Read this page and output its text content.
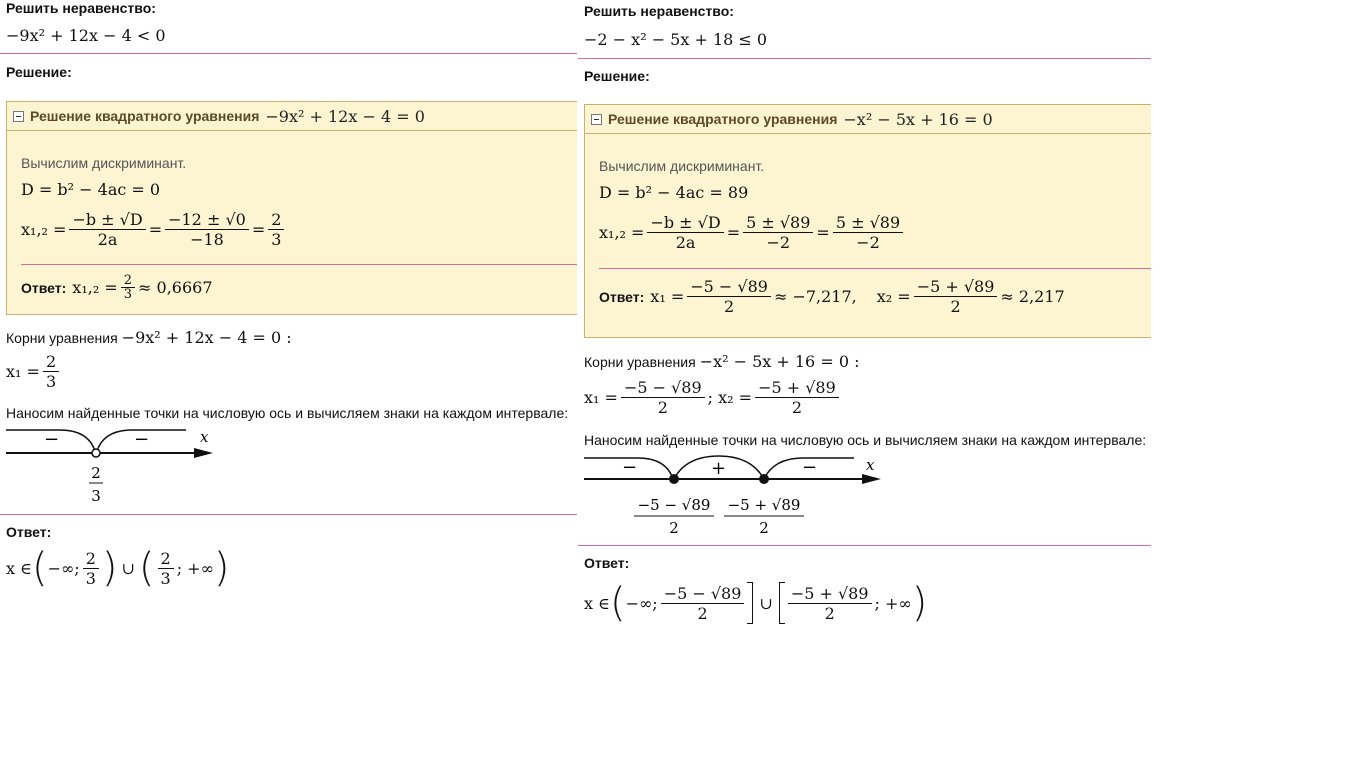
Решить неравенство:
−9x² + 12x − 4 < 0
Решение:
Решение квадратного уравнения −9x² + 12x − 4 = 0
Вычислим дискриминант.
D = b² − 4ac = 0
$x_1,_2 = \frac{-b \pm √D}{2a} = \frac{-12 \pm √0}{-18} = \frac{2}{3}$
Ответ: $x_1,_2 = \frac{2}{3} \approx 0,6667$
Корни уравнения −9x² + 12x − 4 = 0 :
$x_1 = \frac{2}{3}$
Наносим найденные точки на числовую ось и вычисляем знаки на каждом интервале:
−	−	x
2
3
Ответ:
x ∈ ( −∞; $\frac{2}{3}$ ) ∪ ( $\frac{2}{3}$ ; +∞ )
Решить неравенство:
−2 − x² − 5x + 18 ≤ 0
Решение:
Решение квадратного уравнения −x² − 5x + 16 = 0
Вычислим дискриминант.
D = b² − 4ac = 89
$x_1,_2 = \frac{-b \pm √D}{2a} = \frac{5 \pm √89}{-2} = \frac{5 \pm √89}{-2}$
Ответ: $x_1 = \frac{-5 - √89}{2} \approx -7,217$, $x_2 = \frac{-5 + √89}{2} \approx 2,217$
Корни уравнения −x² − 5x + 16 = 0 :
$x_1 = \frac{-5 - √89}{2}$ ; $x_2 = \frac{-5 + √89}{2}$
Наносим найденные точки на числовую ось и вычисляем знаки на каждом интервале:
−	+	−	x
−5 − √89
2
−5 + √89
2
Ответ:
x ∈ ( −∞; $\frac{-5 - √89}{2}$ ∪ $\frac{-5 + √89}{2}$ ; +∞ )
